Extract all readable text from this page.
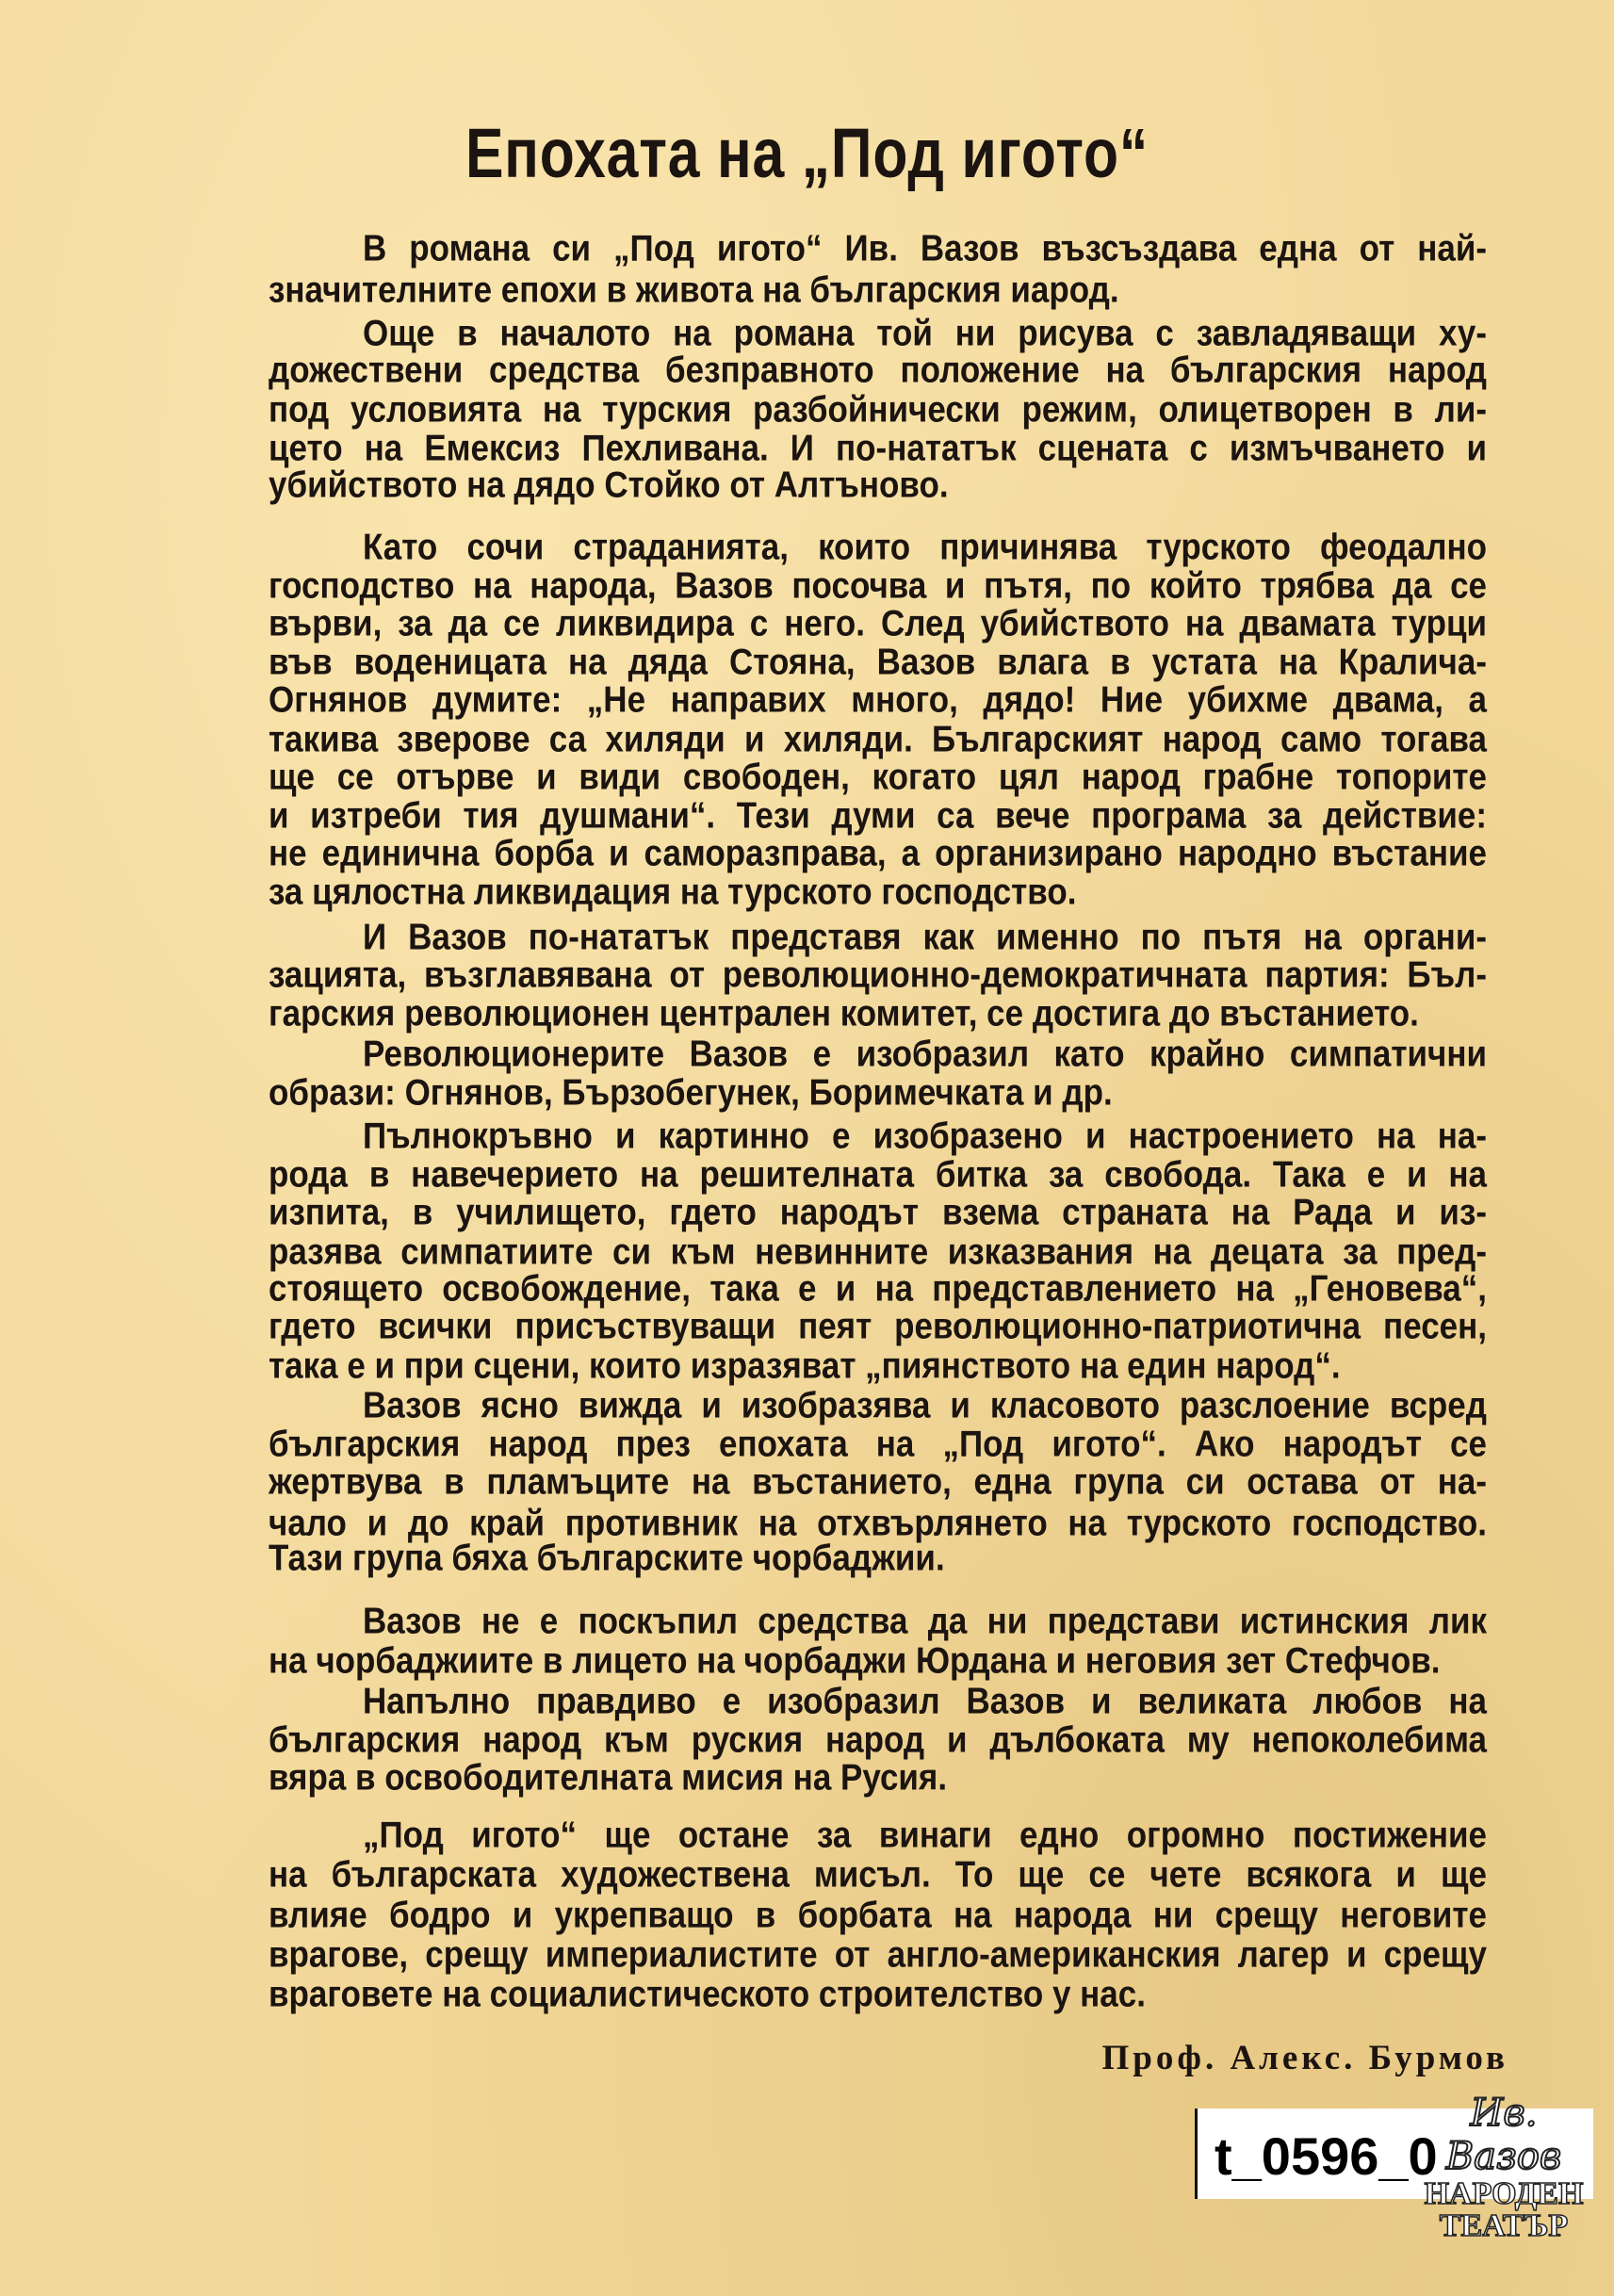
Епохата на „Под игото“
В романа си „Под игото“ Ив. Вазов възсъздава една от най-
значителните епохи в живота на българския иарод.
Още в началото на романа той ни рисува с завладяващи ху-
дожествени средства безправното положение на българския народ
под условията на турския разбойнически режим, олицетворен в ли-
цето на Емексиз Пехливана. И по-нататък сцената с измъчването и
убийството на дядо Стойко от Алтъново.
Като сочи страданията, които причинява турското феодално
господство на народа, Вазов посочва и пътя, по който трябва да се
върви, за да се ликвидира с него. След убийството на двамата турци
във воденицата на дяда Стояна, Вазов влага в устата на Кралича-
Огнянов думите: „Не направих много, дядо! Ние убихме двама, а
такива зверове са хиляди и хиляди. Българският народ само тогава
ще се отърве и види свободен, когато цял народ грабне топорите
и изтреби тия душмани“. Тези думи са вече програма за действие:
не единична борба и саморазправа, а организирано народно въстание
за цялостна ликвидация на турското господство.
И Вазов по-нататък представя как именно по пътя на органи-
зацията, възглавявана от революционно-демократичната партия: Бъл-
гарския революционен централен комитет, се достига до въстанието.
Революционерите Вазов е изобразил като крайно симпатични
образи: Огнянов, Бързобегунек, Боримечката и др.
Пълнокръвно и картинно е изобразено и настроението на на-
рода в навечерието на решителната битка за свобода. Така е и на
изпита, в училището, гдето народът взема страната на Рада и из-
разява симпатиите си към невинните изказвания на децата за пред-
стоящето освобождение, така е и на представлението на „Геновева“,
гдето всички присъствуващи пеят революционно-патриотична песен,
така е и при сцени, които изразяват „пиянството на един народ“.
Вазов ясно вижда и изобразява и класовото разслоение всред
българския народ през епохата на „Под игото“. Ако народът се
жертвува в пламъците на въстанието, една група си остава от на-
чало и до край противник на отхвърлянето на турското господство.
Тази група бяха българските чорбаджии.
Вазов не е поскъпил средства да ни представи истинския лик
на чорбаджиите в лицето на чорбаджи Юрдана и неговия зет Стефчов.
Напълно правдиво е изобразил Вазов и великата любов на
българския народ към руския народ и дълбоката му непоколебима
вяра в освободителната мисия на Русия.
„Под игото“ ще остане за винаги едно огромно постижение
на българската художествена мисъл. То ще се чете всякога и ще
влияе бодро и укрепващо в борбата на народа ни срещу неговите
врагове, срещу империалистите от англо-американския лагер и срещу
враговете на социалистическото строителство у нас.
Проф. Алекс. Бурмов
t_0596_0
Ив. Вазов
НАРОДЕН
ТЕАТЪР
